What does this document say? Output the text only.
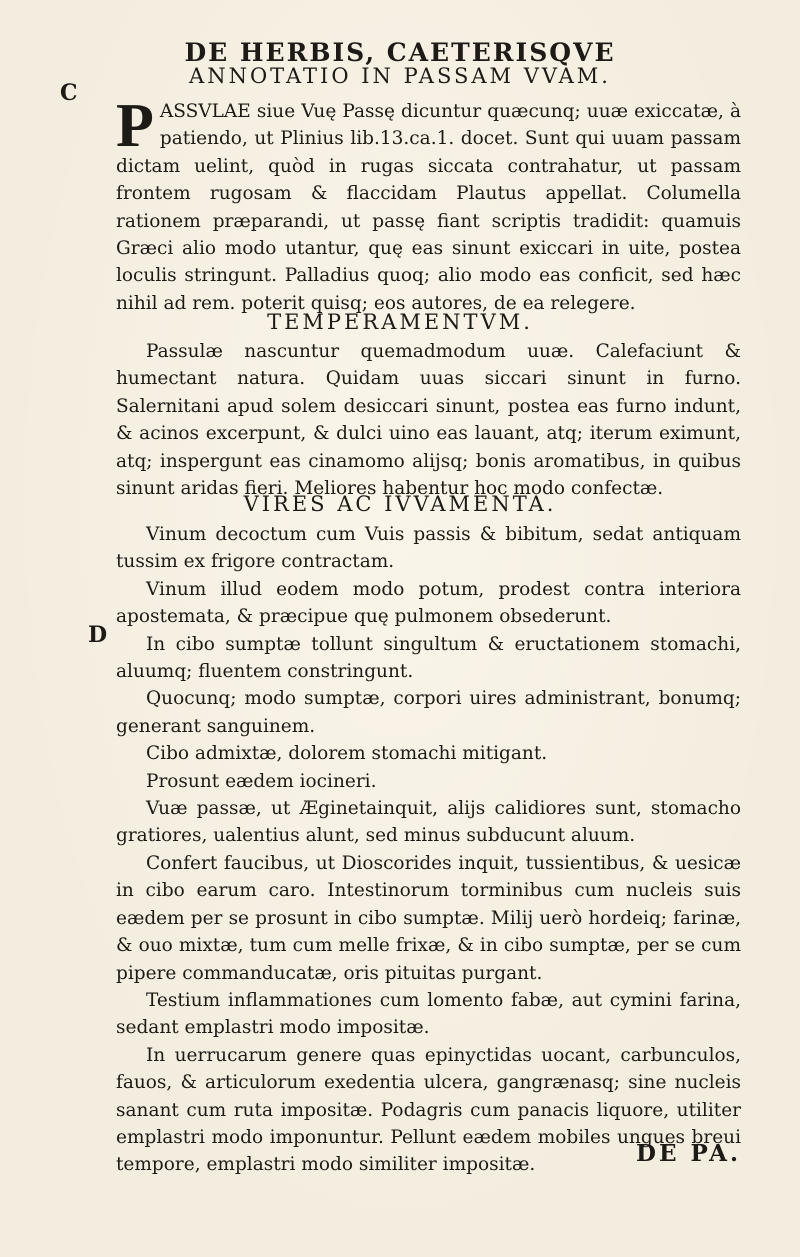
DE HERBIS, CAETERISQVE
C
ANNOTATIO IN PASSAM VVAM.

P ASSVLAE siue Vuę Passę dicuntur quæcunq; uuæ exiccatæ, à patiendo, ut Plinius lib.13.ca.1. docet. Sunt qui uuam passam dictam uelint, quòd in rugas siccata contrahatur, ut passam frontem rugosam & flaccidam Plautus appellat. Columella rationem præparandi, ut passę fiant scriptis tradidit: quamuis Græci alio modo utantur, quę eas sinunt exiccari in uite, postea loculis stringunt. Palladius quoq; alio modo eas conficit, sed hæc nihil ad rem. poterit quisq; eos autores, de ea relegere.

TEMPERAMENTVM.

Passulæ nascuntur quemadmodum uuæ. Calefaciunt & humectant natura. Quidam uuas siccari sinunt in furno. Salernitani apud solem desiccari sinunt, postea eas furno indunt, & acinos excerpunt, & dulci uino eas lauant, atq; iterum eximunt, atq; inspergunt eas cinamomo alijsq; bonis aromatibus, in quibus sinunt aridas fieri. Meliores habentur hoc modo confectæ.

VIRES AC IVVAMENTA.
D

Vinum decoctum cum Vuis passis & bibitum, sedat antiquam tussim ex frigore contractam.

Vinum illud eodem modo potum, prodest contra interiora apostemata, & præcipue quę pulmonem obsederunt.

In cibo sumptæ tollunt singultum & eructationem stomachi, aluumq; fluentem constringunt.

Quocunq; modo sumptæ, corpori uires administrant, bonumq; generant sanguinem.

Cibo admixtæ, dolorem stomachi mitigant.

Prosunt eædem iocineri.

Vuæ passæ, ut Æginetainquit, alijs calidiores sunt, stomacho gratiores, ualentius alunt, sed minus subducunt aluum.

Confert faucibus, ut Dioscorides inquit, tussientibus, & uesicæ in cibo earum caro. Intestinorum torminibus cum nucleis suis eædem per se prosunt in cibo sumptæ. Milij uerò hordeiq; farinæ, & ouo mixtæ, tum cum melle frixæ, & in cibo sumptæ, per se cum pipere commanducatæ, oris pituitas purgant.

Testium inflammationes cum lomento fabæ, aut cymini farina, sedant emplastri modo impositæ.

In uerrucarum genere quas epinyctidas uocant, carbunculos, fauos, & articulorum exedentia ulcera, gangrænasq; sine nucleis sanant cum ruta impositæ. Podagris cum panacis liquore, utiliter emplastri modo imponuntur. Pellunt eædem mobiles ungues breui tempore, emplastri modo similiter impositæ.	DE PA.
